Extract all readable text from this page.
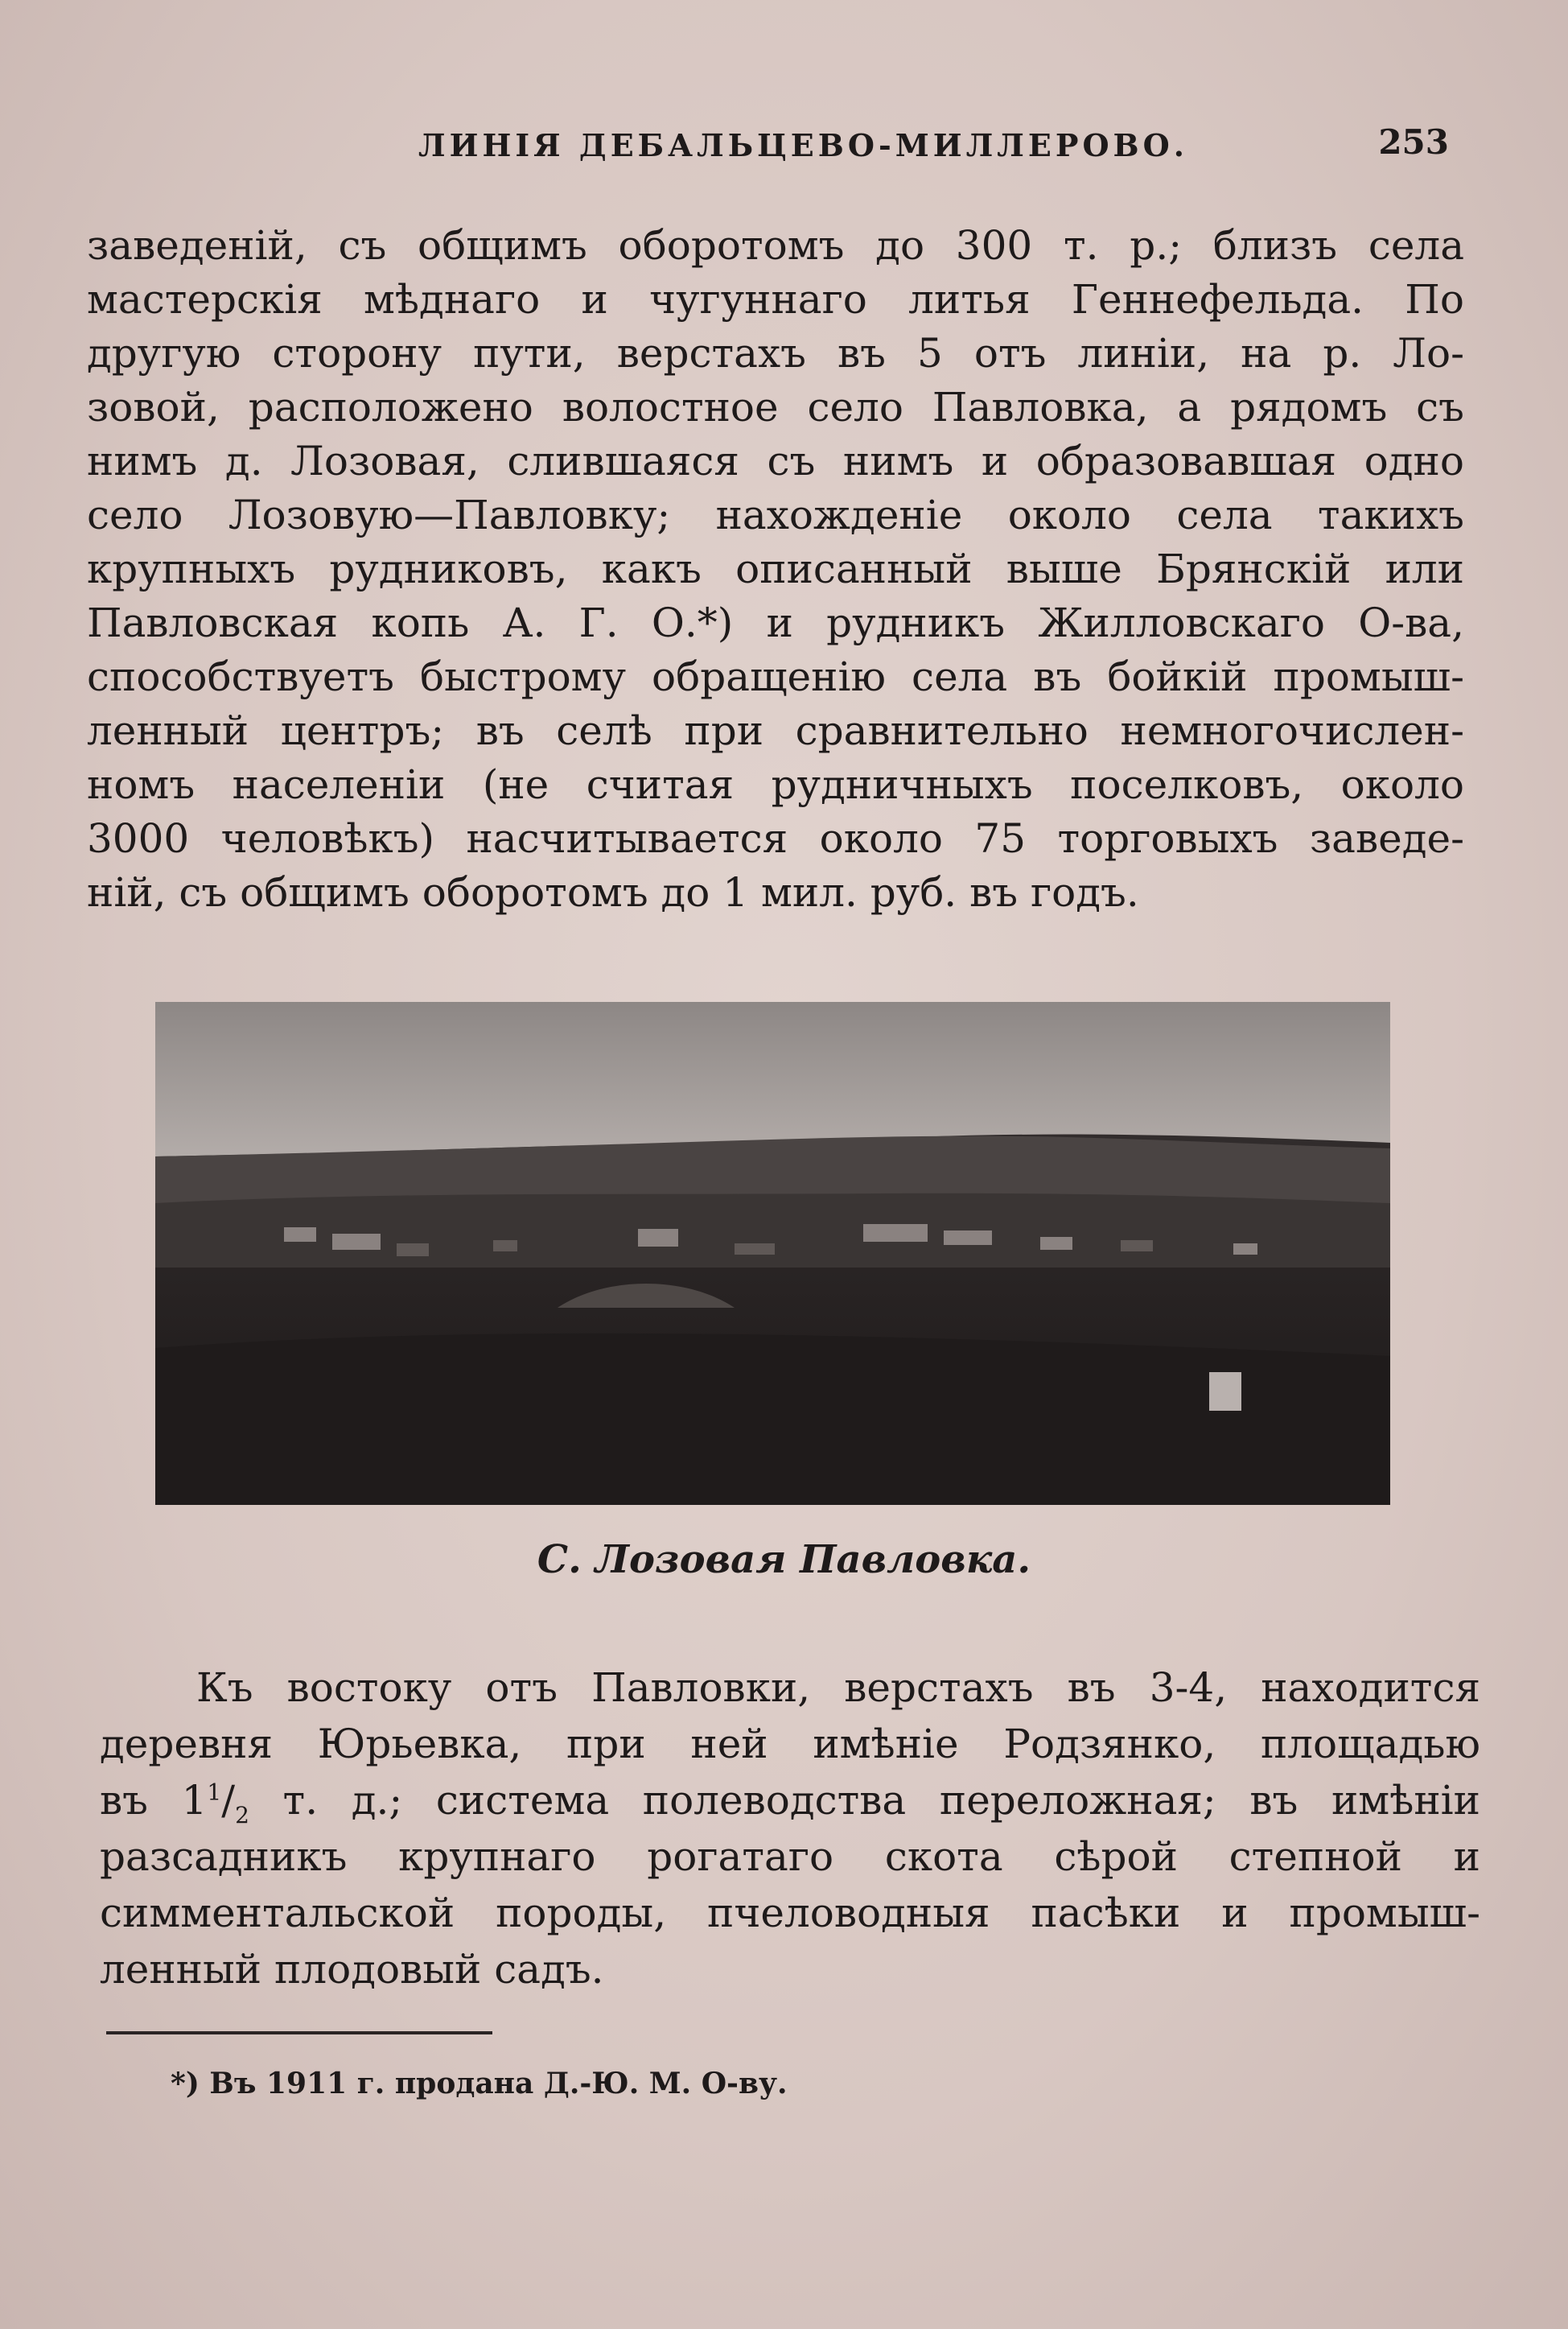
ЛИНІЯ ДЕБАЛЬЦЕВО-МИЛЛЕРОВО.	253
заведеній, съ общимъ оборотомъ до 300 т. р.; близъ села
мастерскія мѣднаго и чугуннаго литья Геннефельда. По
другую сторону пути, верстахъ въ 5 отъ линіи, на р. Ло-
зовой, расположено волостное село Павловка, а рядомъ съ
нимъ д. Лозовая, слившаяся съ нимъ и образовавшая одно
село Лозовую—Павловку; нахожденіе около села такихъ
крупныхъ рудниковъ, какъ описанный выше Брянскій или
Павловская копь А. Г. О.*) и рудникъ Жилловскаго О-ва,
способствуетъ быстрому обращенію села въ бойкій промыш-
ленный центръ; въ селѣ при сравнительно немногочислен-
номъ населеніи (не считая рудничныхъ поселковъ, около
3000 человѣкъ) насчитывается около 75 торговыхъ заведе-
ній, съ общимъ оборотомъ до 1 мил. руб. въ годъ.
С. Лозовая Павловка.
Къ востоку отъ Павловки, верстахъ въ 3-4, находится
деревня Юрьевка, при ней имѣніе Родзянко, площадью
въ $1^1/_2$ т. д.; система полеводства переложная; въ имѣніи
разсадникъ крупнаго рогатаго скота сѣрой степной и
симментальской породы, пчеловодныя пасѣки и промыш-
ленный плодовый садъ.
*) Въ 1911 г. продана Д.-Ю. М. О-ву.
